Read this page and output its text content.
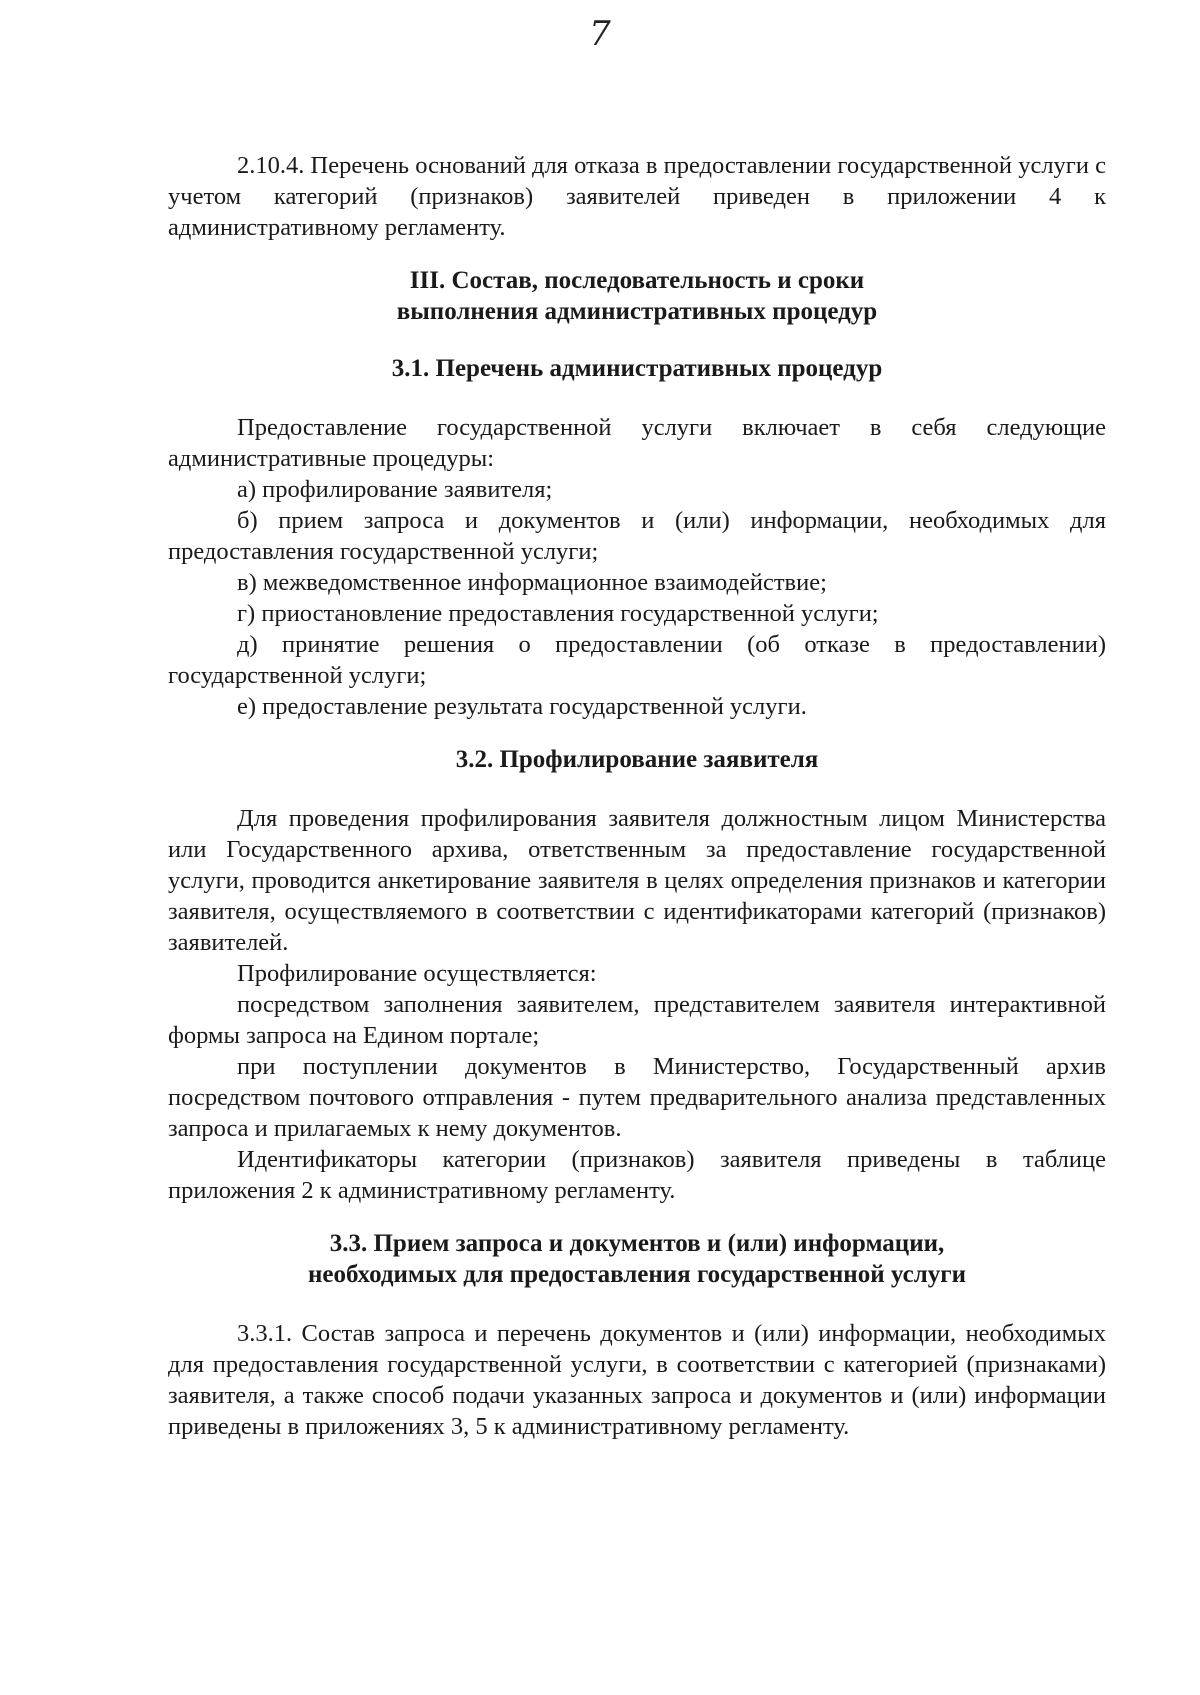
7

2.10.4. Перечень оснований для отказа в предоставлении государственной услуги с учетом категорий (признаков) заявителей приведен в приложении 4 к административному регламенту.

III. Состав, последовательность и сроки

выполнения административных процедур

3.1. Перечень административных процедур

Предоставление государственной услуги включает в себя следующие административные процедуры:

а) профилирование заявителя;

б) прием запроса и документов и (или) информации, необходимых для предоставления государственной услуги;

в) межведомственное информационное взаимодействие;

г) приостановление предоставления государственной услуги;

д) принятие решения о предоставлении (об отказе в предоставлении) государственной услуги;

е) предоставление результата государственной услуги.

3.2. Профилирование заявителя

Для проведения профилирования заявителя должностным лицом Министерства или Государственного архива, ответственным за предоставление государственной услуги, проводится анкетирование заявителя в целях определения признаков и категории заявителя, осуществляемого в соответствии с идентификаторами категорий (признаков) заявителей.

Профилирование осуществляется:

посредством заполнения заявителем, представителем заявителя интерактивной формы запроса на Едином портале;

при поступлении документов в Министерство, Государственный архив посредством почтового отправления - путем предварительного анализа представленных запроса и прилагаемых к нему документов.

Идентификаторы категории (признаков) заявителя приведены в таблице приложения 2 к административному регламенту.

3.3. Прием запроса и документов и (или) информации,

необходимых для предоставления государственной услуги

3.3.1. Состав запроса и перечень документов и (или) информации, необходимых для предоставления государственной услуги, в соответствии с категорией (признаками) заявителя, а также способ подачи указанных запроса и документов и (или) информации приведены в приложениях 3, 5 к административному регламенту.
